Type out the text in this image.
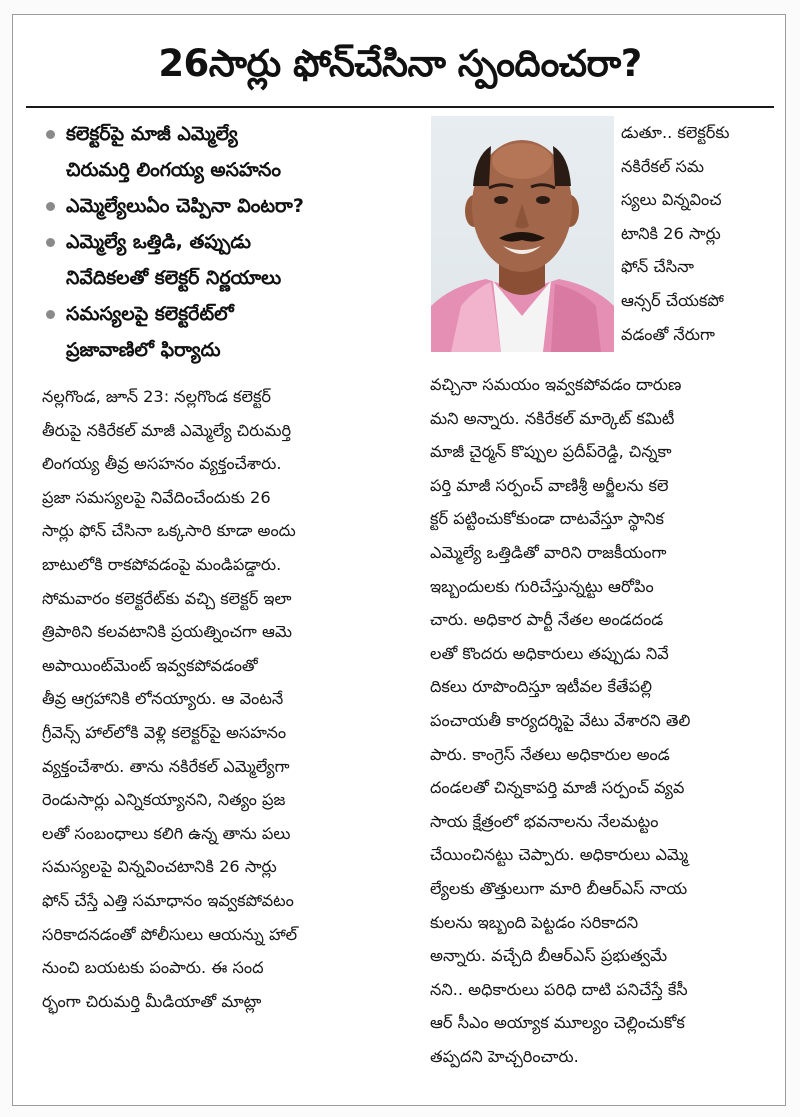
26సార్లు ఫోన్‌చేసినా స్పందించరా?
కలెక్టర్‌పై మాజీ ఎమ్మెల్యే
చిరుమర్తి లింగయ్య అసహనం
ఎమ్మెల్యేలుఏం చెప్పినా వింటరా?
ఎమ్మెల్యే ఒత్తిడి, తప్పుడు
నివేదికలతో కలెక్టర్ నిర్ణయాలు
సమస్యలపై కలెక్టరేట్‌లో
ప్రజావాణిలో ఫిర్యాదు
నల్లగొండ, జూన్ 23: నల్లగొండ కలెక్టర్
తీరుపై నకిరేకల్ మాజీ ఎమ్మెల్యే చిరుమర్తి
లింగయ్య తీవ్ర అసహనం వ్యక్తంచేశారు.
ప్రజా సమస్యలపై నివేదించేందుకు 26
సార్లు ఫోన్ చేసినా ఒక్కసారి కూడా అందు
బాటులోకి రాకపోవడంపై మండిపడ్డారు.
సోమవారం కలెక్టరేట్‌కు వచ్చి కలెక్టర్ ఇలా
త్రిపాఠిని కలవటానికి ప్రయత్నించగా ఆమె
అపాయింట్‌మెంట్ ఇవ్వకపోవడంతో
తీవ్ర ఆగ్రహానికి లోనయ్యారు. ఆ వెంటనే
గ్రీవెన్స్ హాల్‌లోకి వెళ్లి కలెక్టర్‌పై అసహనం
వ్యక్తంచేశారు. తాను నకిరేకల్ ఎమ్మెల్యేగా
రెండుసార్లు ఎన్నికయ్యానని, నిత్యం ప్రజ
లతో సంబంధాలు కలిగి ఉన్న తాను పలు
సమస్యలపై విన్నవించటానికి 26 సార్లు
ఫోన్ చేస్తే ఎత్తి సమాధానం ఇవ్వకపోవటం
సరికాదనడంతో పోలీసులు ఆయన్ను హాల్
నుంచి బయటకు పంపారు. ఈ సంద
ర్భంగా చిరుమర్తి మీడియాతో మాట్లా
డుతూ.. కలెక్టర్‌కు
నకిరేకల్ సమ
స్యలు విన్నవించ
టానికి 26 సార్లు
ఫోన్ చేసినా
ఆన్సర్ చేయకపో
వడంతో నేరుగా
వచ్చినా సమయం ఇవ్వకపోవడం దారుణ
మని అన్నారు. నకిరేకల్ మార్కెట్ కమిటీ
మాజీ చైర్మన్ కొప్పుల ప్రదీప్‌రెడ్డి, చిన్నకా
పర్తి మాజీ సర్పంచ్ వాణిశ్రీ అర్జీలను కలె
క్టర్ పట్టించుకోకుండా దాటవేస్తూ స్థానిక
ఎమ్మెల్యే ఒత్తిడితో వారిని రాజకీయంగా
ఇబ్బందులకు గురిచేస్తున్నట్టు ఆరోపిం
చారు. అధికార పార్టీ నేతల అండదండ
లతో కొందరు అధికారులు తప్పుడు నివే
దికలు రూపొందిస్తూ ఇటీవల కేతేపల్లి
పంచాయతీ కార్యదర్శిపై వేటు వేశారని తెలి
పారు. కాంగ్రెస్ నేతలు అధికారుల అండ
దండలతో చిన్నకాపర్తి మాజీ సర్పంచ్ వ్యవ
సాయ క్షేత్రంలో భవనాలను నేలమట్టం
చేయించినట్టు చెప్పారు. అధికారులు ఎమ్మె
ల్యేలకు తొత్తులుగా మారి బీఆర్ఎస్ నాయ
కులను ఇబ్బంది పెట్టడం సరికాదని
అన్నారు. వచ్చేది బీఆర్ఎస్ ప్రభుత్వమే
నని.. అధికారులు పరిధి దాటి పనిచేస్తే కేసీ
ఆర్ సీఎం అయ్యాక మూల్యం చెల్లించుకోక
తప్పదని హెచ్చరించారు.
